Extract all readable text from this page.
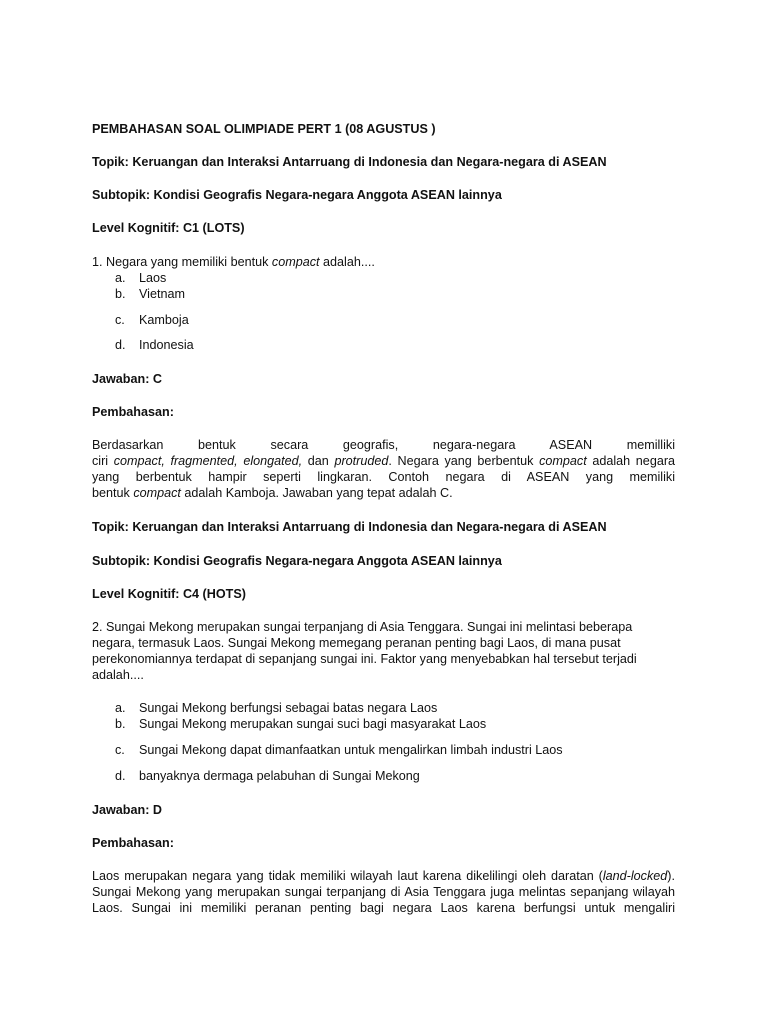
PEMBAHASAN SOAL OLIMPIADE PERT 1 (08 AGUSTUS )
Topik: Keruangan dan Interaksi Antarruang di Indonesia dan Negara-negara di ASEAN
Subtopik: Kondisi Geografis Negara-negara Anggota ASEAN lainnya
Level Kognitif: C1 (LOTS)
1. Negara yang memiliki bentuk compact adalah....
a. Laos
b. Vietnam
c. Kamboja
d. Indonesia
Jawaban: C
Pembahasan:
Berdasarkan bentuk secara geografis, negara-negara ASEAN memilliki
ciri compact, fragmented, elongated, dan protruded. Negara yang berbentuk compact adalah negara
yang berbentuk hampir seperti lingkaran. Contoh negara di ASEAN yang memiliki
bentuk compact adalah Kamboja. Jawaban yang tepat adalah C.
Topik: Keruangan dan Interaksi Antarruang di Indonesia dan Negara-negara di ASEAN
Subtopik: Kondisi Geografis Negara-negara Anggota ASEAN lainnya
Level Kognitif: C4 (HOTS)
2. Sungai Mekong merupakan sungai terpanjang di Asia Tenggara. Sungai ini melintasi beberapa
negara, termasuk Laos. Sungai Mekong memegang peranan penting bagi Laos, di mana pusat
perekonomiannya terdapat di sepanjang sungai ini. Faktor yang menyebabkan hal tersebut terjadi
adalah....
a. Sungai Mekong berfungsi sebagai batas negara Laos
b. Sungai Mekong merupakan sungai suci bagi masyarakat Laos
c. Sungai Mekong dapat dimanfaatkan untuk mengalirkan limbah industri Laos
d. banyaknya dermaga pelabuhan di Sungai Mekong
Jawaban: D
Pembahasan:
Laos merupakan negara yang tidak memiliki wilayah laut karena dikelilingi oleh daratan (land-locked).
Sungai Mekong yang merupakan sungai terpanjang di Asia Tenggara juga melintas sepanjang wilayah
Laos. Sungai ini memiliki peranan penting bagi negara Laos karena berfungsi untuk mengaliri
